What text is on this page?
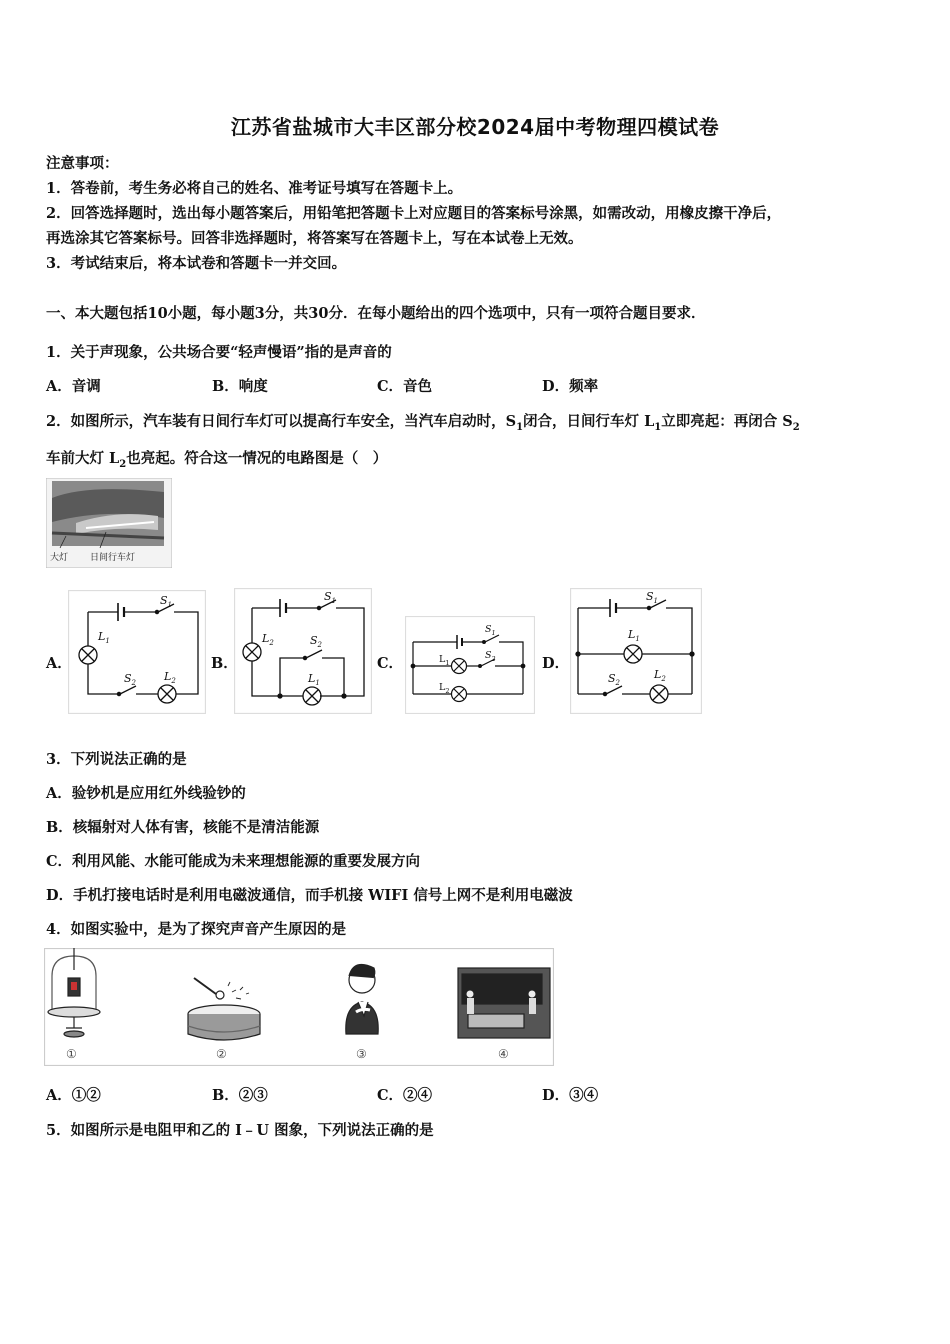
江苏省盐城市大丰区部分校2024届中考物理四模试卷
注意事项：
1．答卷前，考生务必将自己的姓名、准考证号填写在答题卡上。
2．回答选择题时，选出每小题答案后，用铅笔把答题卡上对应题目的答案标号涂黑，如需改动，用橡皮擦干净后，
再选涂其它答案标号。回答非选择题时，将答案写在答题卡上，写在本试卷上无效。
3．考试结束后，将本试卷和答题卡一并交回。
一、本大题包括10小题，每小题3分，共30分．在每小题给出的四个选项中，只有一项符合题目要求．
1．关于声现象，公共场合要“轻声慢语”指的是声音的
A．音调	B．响度	C．音色	D．频率
2．如图所示，汽车装有日间行车灯可以提高行车安全，当汽车启动时，$S_1$闭合，日间行车灯 $L_1$立即亮起：再闭合 $S_2$
车前大灯 $L_2$也亮起。符合这一情况的电路图是（　）
大灯 日间行车灯
A．
$S_1$
$L_1$
$S_2$	$L_2$
B．
$S_1$
$L_2$	$S_2$
$L_1$
C．
$S_1$
$L_1$
$S_2$
$L_2$
D．
$S_1$
$L_1$
$S_2$
$L_2$
3．下列说法正确的是
A．验钞机是应用红外线验钞的
B．核辐射对人体有害，核能不是清洁能源
C．利用风能、水能可能成为未来理想能源的重要发展方向
D．手机打接电话时是利用电磁波通信，而手机接 WIFI 信号上网不是利用电磁波
4．如图实验中，是为了探究声音产生原因的是
①	②	③	④
A．①②	B．②③	C．②④	D．③④
5．如图所示是电阻甲和乙的 I﹣U 图象，下列说法正确的是
